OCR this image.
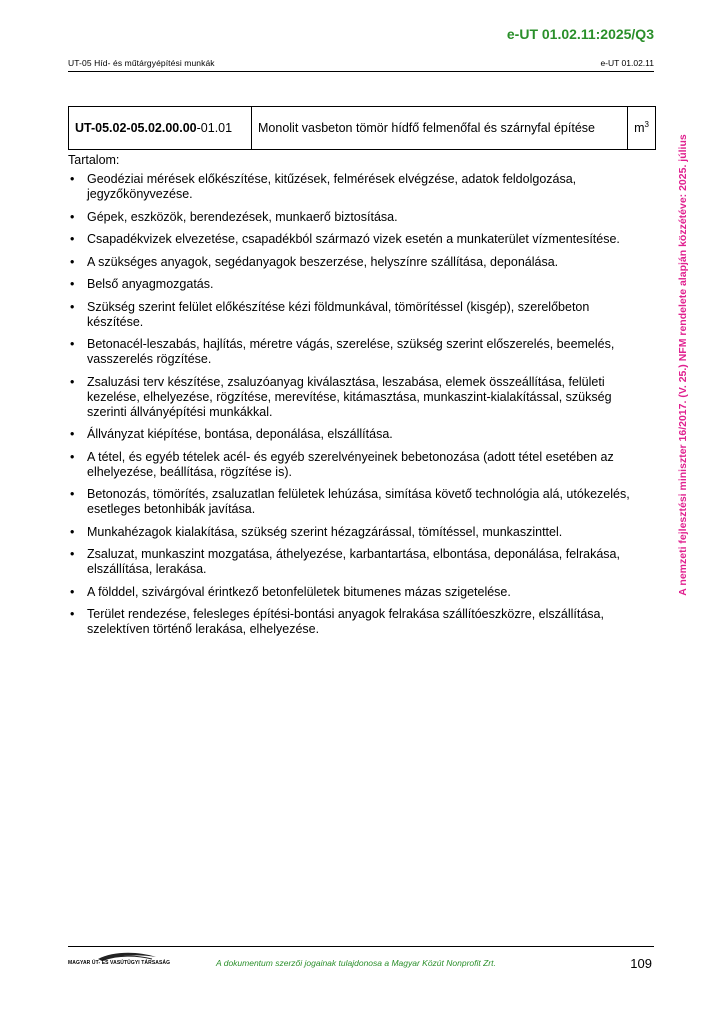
e-UT 01.02.11:2025/Q3
UT-05 Híd- és műtárgyépítési munkák	e-UT 01.02.11
A nemzeti fejlesztési miniszter 16/2017. (V. 25.) NFM rendelete alapján közzétéve: 2025. július
UT-05.02-05.02.00.00-01.01	Monolit vasbeton tömör hídfő felmenőfal és szárnyfal építése	$m^3$
Tartalom:
• Geodéziai mérések előkészítése, kitűzések, felmérések elvégzése, adatok feldolgozása, jegyzőkönyvezése.
• Gépek, eszközök, berendezések, munkaerő biztosítása.
• Csapadékvizek elvezetése, csapadékból származó vizek esetén a munkaterület vízmentesítése.
• A szükséges anyagok, segédanyagok beszerzése, helyszínre szállítása, deponálása.
• Belső anyagmozgatás.
• Szükség szerint felület előkészítése kézi földmunkával, tömörítéssel (kisgép), szerelőbeton készítése.
• Betonacél-leszabás, hajlítás, méretre vágás, szerelése, szükség szerint előszerelés, beemelés, vasszerelés rögzítése.
• Zsaluzási terv készítése, zsaluzóanyag kiválasztása, leszabása, elemek összeállítása, felületi kezelése, elhelyezése, rögzítése, merevítése, kitámasztása, munkaszint-kialakítással, szükség szerinti állványépítési munkákkal.
• Állványzat kiépítése, bontása, deponálása, elszállítása.
• A tétel, és egyéb tételek acél- és egyéb szerelvényeinek bebetonozása (adott tétel esetében az elhelyezése, beállítása, rögzítése is).
• Betonozás, tömörítés, zsaluzatlan felületek lehúzása, simítása követő technológia alá, utókezelés, esetleges betonhibák javítása.
• Munkahézagok kialakítása, szükség szerint hézagzárással, tömítéssel, munkaszinttel.
• Zsaluzat, munkaszint mozgatása, áthelyezése, karbantartása, elbontása, deponálása, felrakása, elszállítása, lerakása.
• A földdel, szivárgóval érintkező betonfelületek bitumenes mázas szigetelése.
• Terület rendezése, felesleges építési-bontási anyagok felrakása szállítóeszközre, elszállítása, szelektíven történő lerakása, elhelyezése.
MAGYAR ÚT- ÉS VASÚTÜGYI TÁRSASÁG	A dokumentum szerzői jogainak tulajdonosa a Magyar Közút Nonprofit Zrt.	109
